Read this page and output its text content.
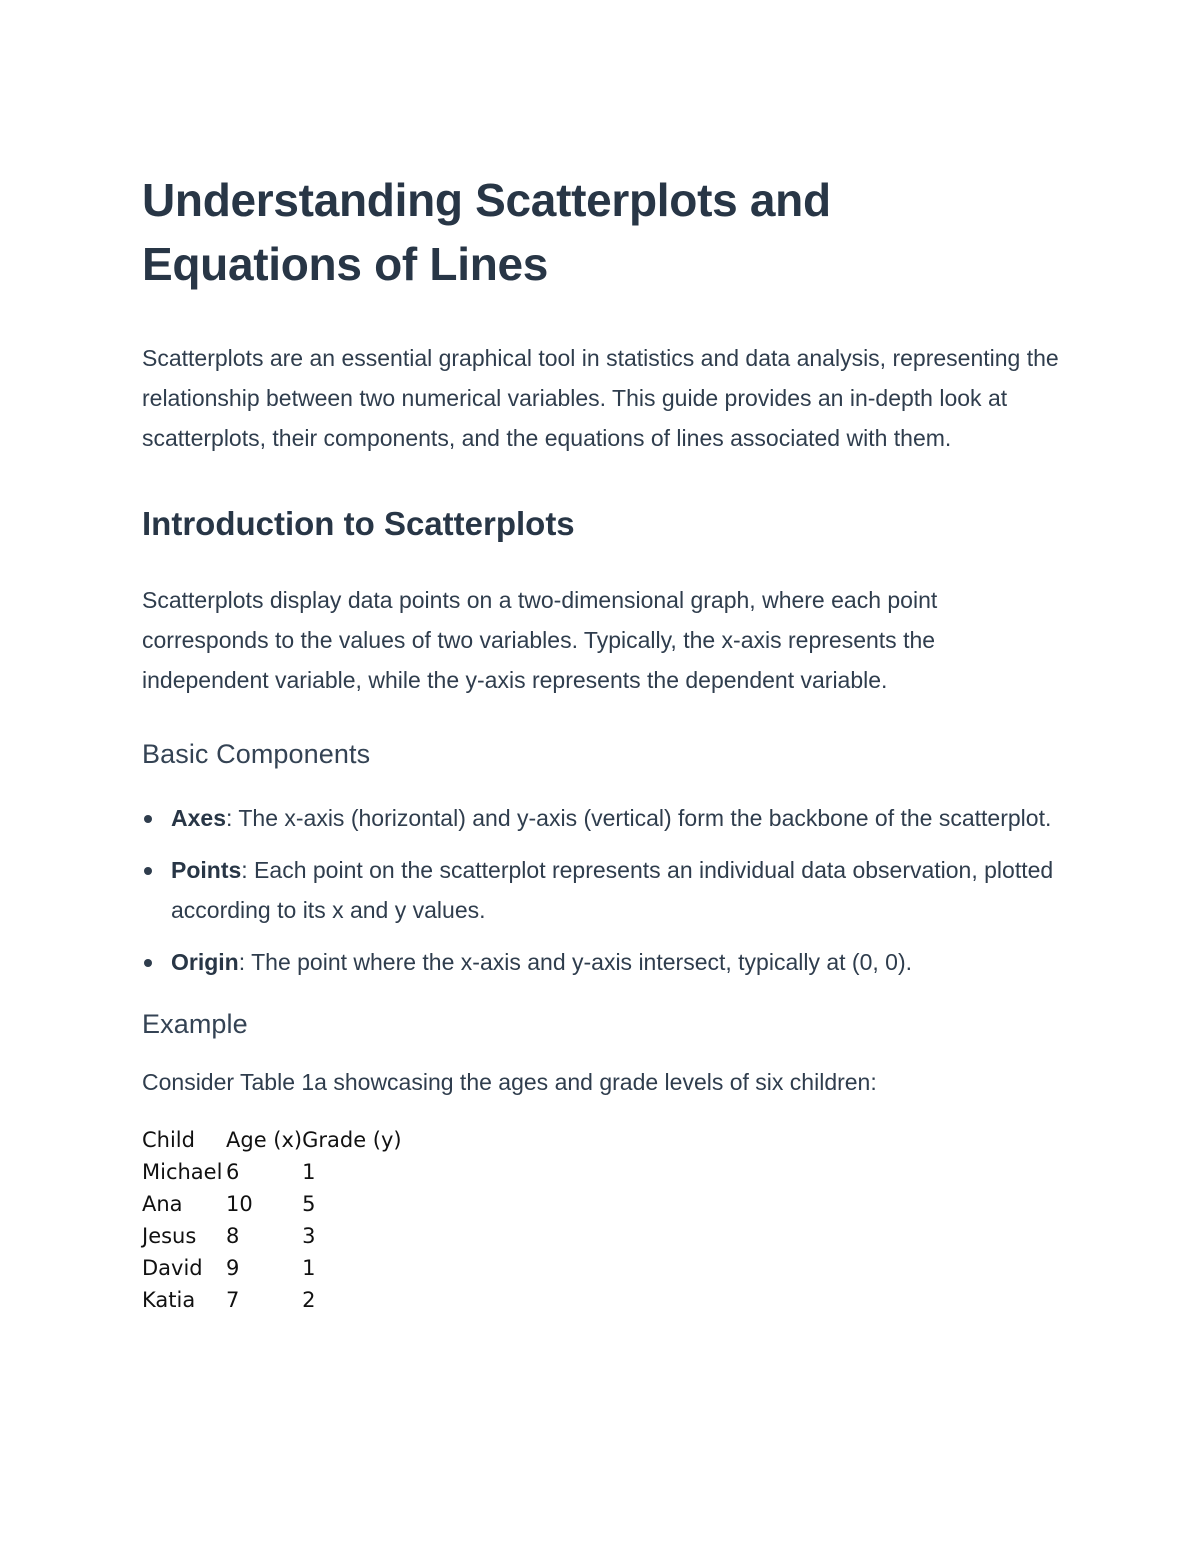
Understanding Scatterplots and Equations of Lines

Scatterplots are an essential graphical tool in statistics and data analysis, representing the relationship between two numerical variables. This guide provides an in-depth look at scatterplots, their components, and the equations of lines associated with them.

Introduction to Scatterplots

Scatterplots display data points on a two-dimensional graph, where each point corresponds to the values of two variables. Typically, the x-axis represents the independent variable, while the y-axis represents the dependent variable.

Basic Components
Axes: The x-axis (horizontal) and y-axis (vertical) form the backbone of the scatterplot.
Points: Each point on the scatterplot represents an individual data observation, plotted according to its x and y values.
Origin: The point where the x-axis and y-axis intersect, typically at (0, 0).
Example

Consider Table 1a showcasing the ages and grade levels of six children:

Child	Age (x)	Grade (y)
Michael	6	1
Ana	10	5
Jesus	8	3
David	9	1
Katia	7	2
